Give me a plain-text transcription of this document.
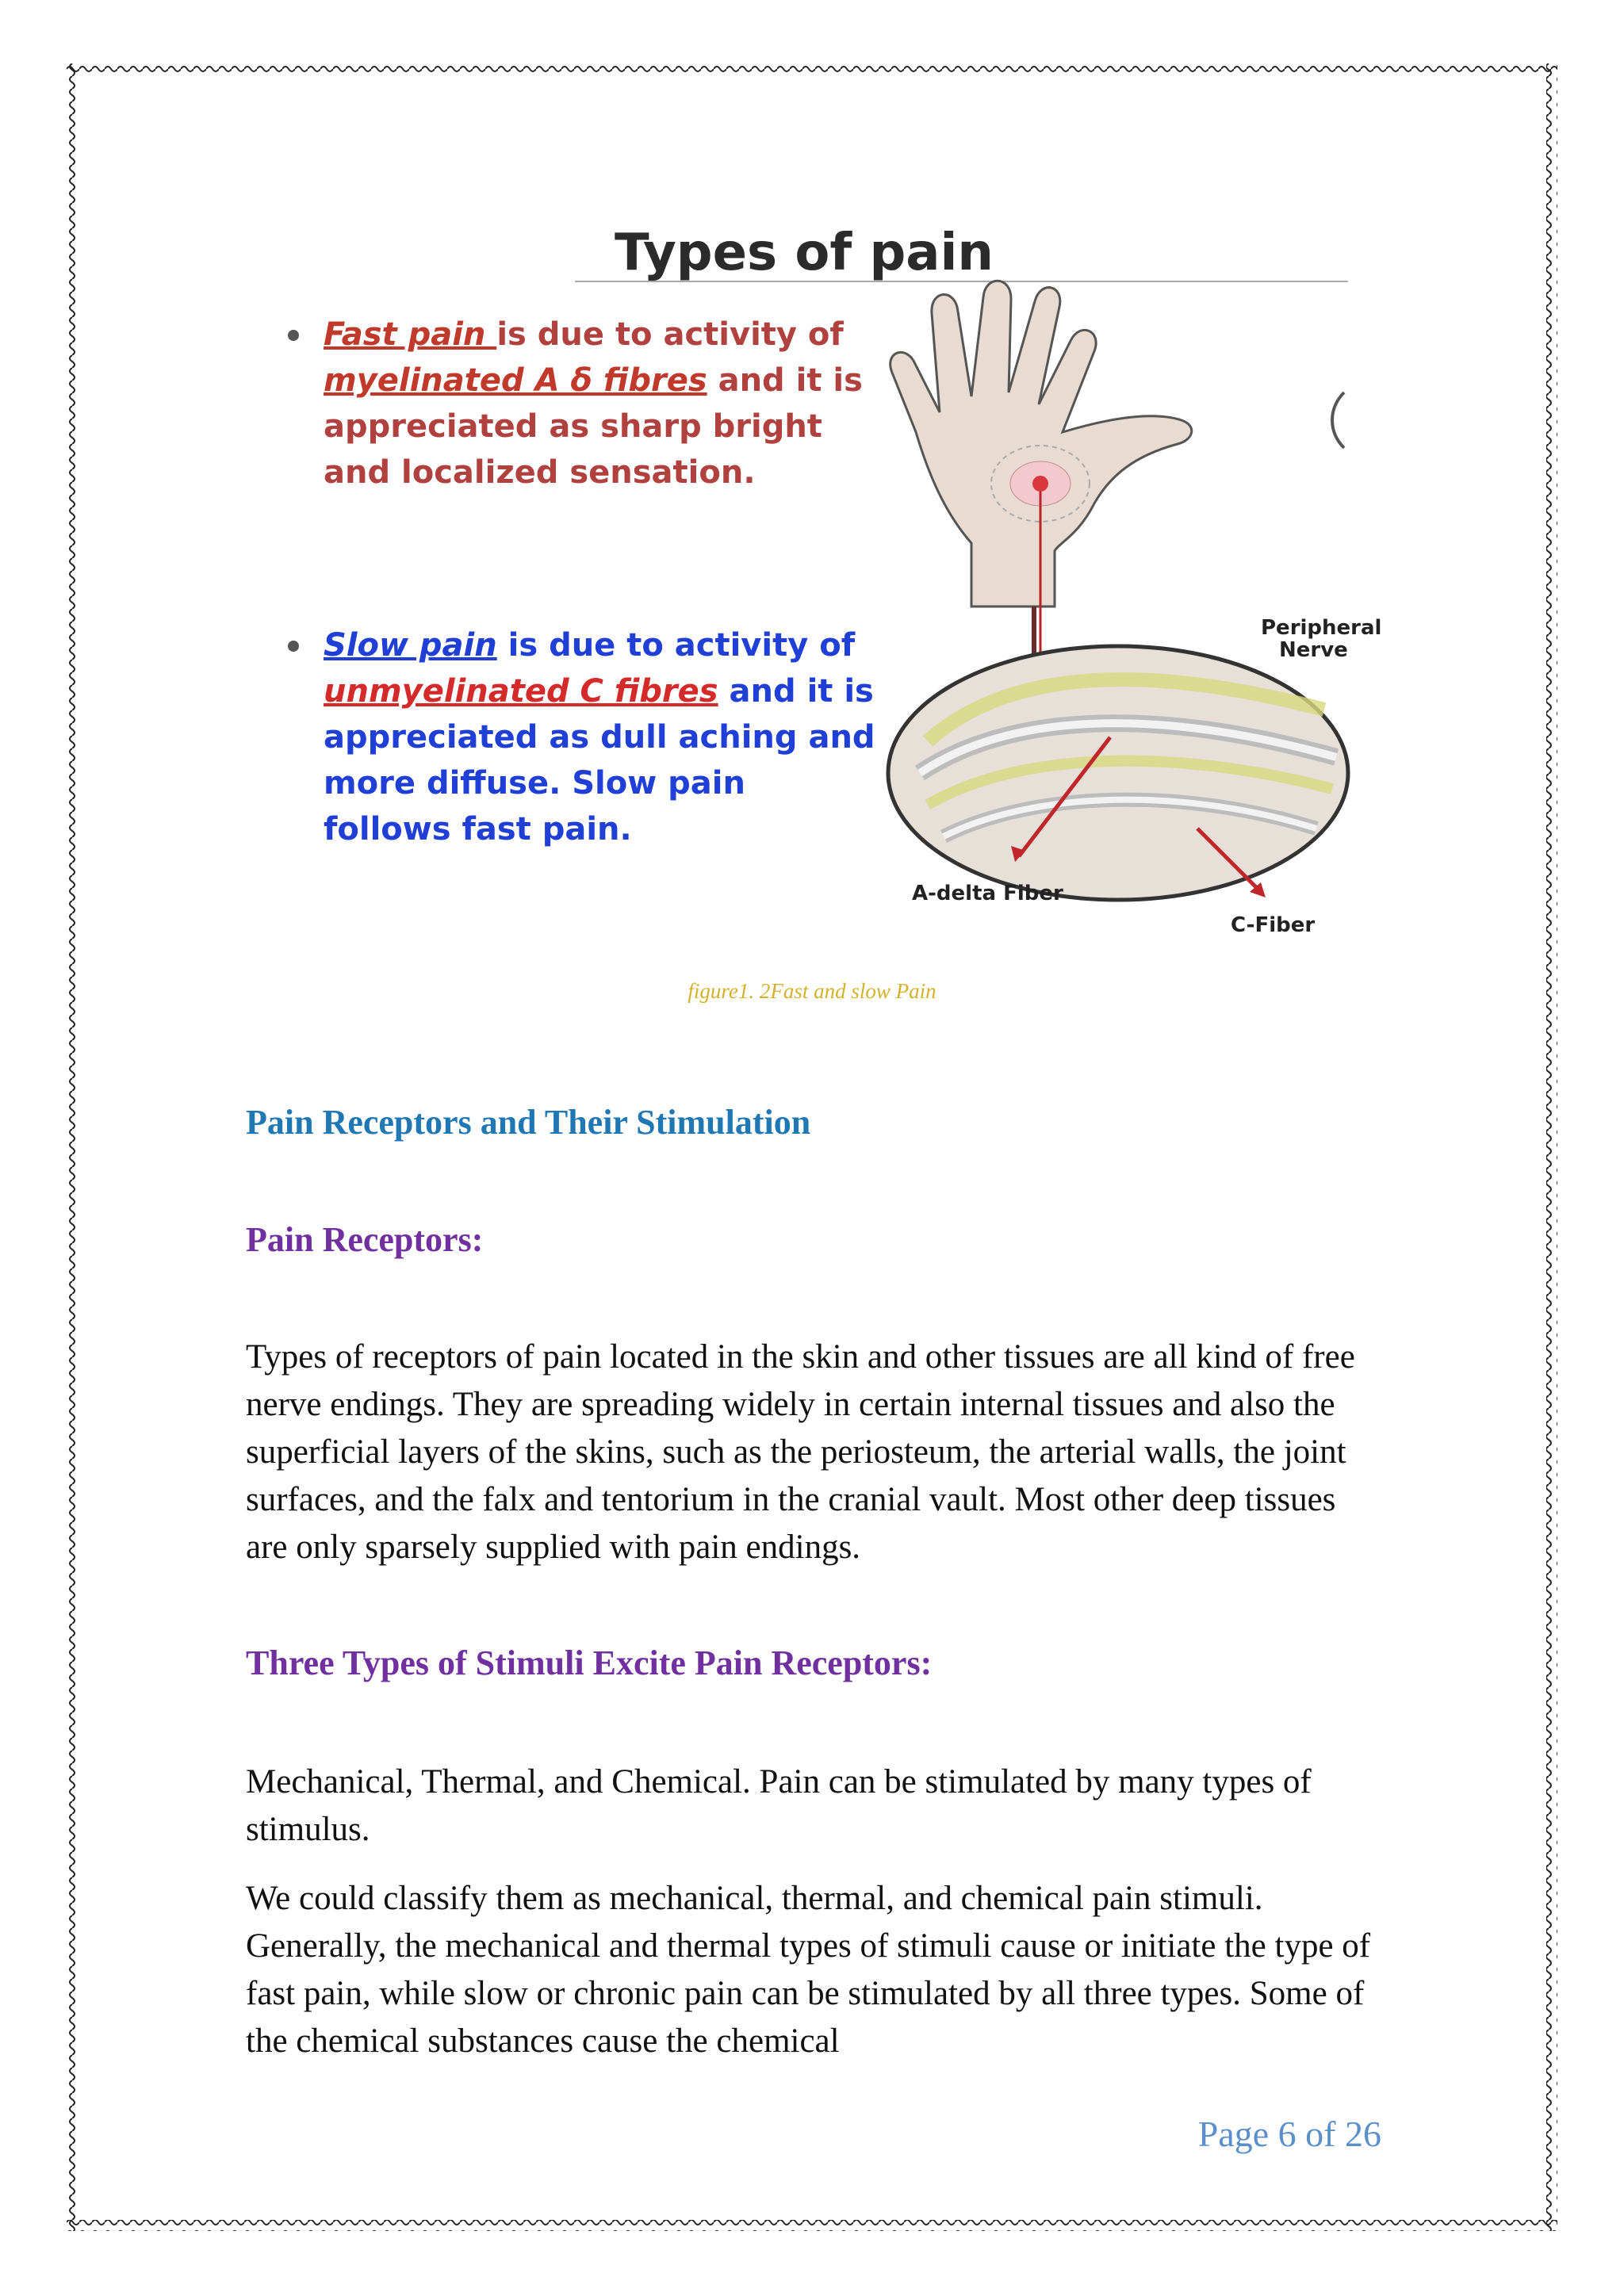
Types of pain
Fast pain is due to activity of
myelinated A δ fibres and it is
appreciated as sharp bright
and localized sensation.
Slow pain is due to activity of
unmyelinated C fibres and it is
appreciated as dull aching and
more diffuse. Slow pain
follows fast pain.
Peripheral
Nerve
A-delta Fiber
C-Fiber
figure1. 2Fast and slow Pain
Pain Receptors and Their Stimulation
Pain Receptors:
Types of receptors of pain located in the skin and other tissues are all kind of free nerve endings. They are spreading widely in certain internal tissues and also the superficial layers of the skins, such as the periosteum, the arterial walls, the joint surfaces, and the falx and tentorium in the cranial vault. Most other deep tissues are only sparsely supplied with pain endings.
Three Types of Stimuli Excite Pain Receptors:
Mechanical, Thermal, and Chemical. Pain can be stimulated by many types of stimulus.
We could classify them as mechanical, thermal, and chemical pain stimuli. Generally, the mechanical and thermal types of stimuli cause or initiate the type of fast pain, while slow or chronic pain can be stimulated by all three types. Some of the chemical substances cause the chemical
Page 6 of 26
